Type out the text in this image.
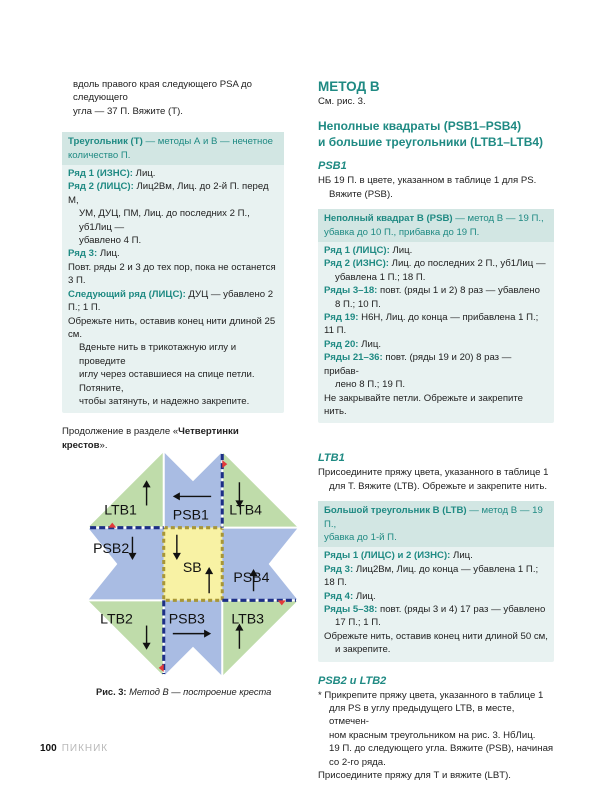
вдоль правого края следующего PSA до следующего

угла — 37 П. Вяжите (Т).

Треугольник (Т) — методы А и В — нечетное количество П.

Ряд 1 (ИЗНС): Лиц.

Ряд 2 (ЛИЦС): Лиц2Вм, Лиц. до 2-й П. перед М,

УМ, ДУЦ, ПМ, Лиц. до последних 2 П., уб1Лиц —

убавлено 4 П.

Ряд 3: Лиц.

Повт. ряды 2 и 3 до тех пор, пока не останется 3 П.

Следующий ряд (ЛИЦС): ДУЦ — убавлено 2 П.; 1 П.

Обрежьте нить, оставив конец нити длиной 25 см.

Вденьте нить в трикотажную иглу и проведите

иглу через оставшиеся на спице петли. Потяните,

чтобы затянуть, и надежно закрепите.

Продолжение в разделе «Четвертинки крестов».

LTB1	PSB1 LTB4
PSB2
SB
PSB4
LTB2	PSB3 LTB3
Рис. 3: Метод В — построение креста

МЕТОД В

См. рис. 3.

Неполные квадраты (PSB1–PSB4)

и большие треугольники (LTB1–LTB4)

PSB1

НБ 19 П. в цвете, указанном в таблице 1 для PS.

Вяжите (PSB).

Неполный квадрат В (PSB) — метод В — 19 П.,
убавка до 10 П., прибавка до 19 П.

Ряд 1 (ЛИЦС): Лиц.

Ряд 2 (ИЗНС): Лиц. до последних 2 П., уб1Лиц —

убавлена 1 П.; 18 П.

Ряды 3–18: повт. (ряды 1 и 2) 8 раз — убавлено

8 П.; 10 П.

Ряд 19: Н6Н, Лиц. до конца — прибавлена 1 П.; 11 П.

Ряд 20: Лиц.

Ряды 21–36: повт. (ряды 19 и 20) 8 раз — прибав-

лено 8 П.; 19 П.

Не закрывайте петли. Обрежьте и закрепите нить.

LTB1

Присоедините пряжу цвета, указанного в таблице 1

для Т. Вяжите (LTB). Обрежьте и закрепите нить.

Большой треугольник В (LTB) — метод В — 19 П.,
убавка до 1-й П.

Ряды 1 (ЛИЦС) и 2 (ИЗНС): Лиц.

Ряд 3: Лиц2Вм, Лиц. до конца — убавлена 1 П.; 18 П.

Ряд 4: Лиц.

Ряды 5–38: повт. (ряды 3 и 4) 17 раз — убавлено

17 П.; 1 П.

Обрежьте нить, оставив конец нити длиной 50 см,

и закрепите.

PSB2 и LTB2

* Прикрепите пряжу цвета, указанного в таблице 1

для PS в углу предыдущего LTB, в месте, отмечен-

ном красным треугольником на рис. 3. НбЛиц.

19 П. до следующего угла. Вяжите (PSB), начиная

со 2-го ряда.

Присоедините пряжу для Т и вяжите (LBT).

100 ПИКНИК
